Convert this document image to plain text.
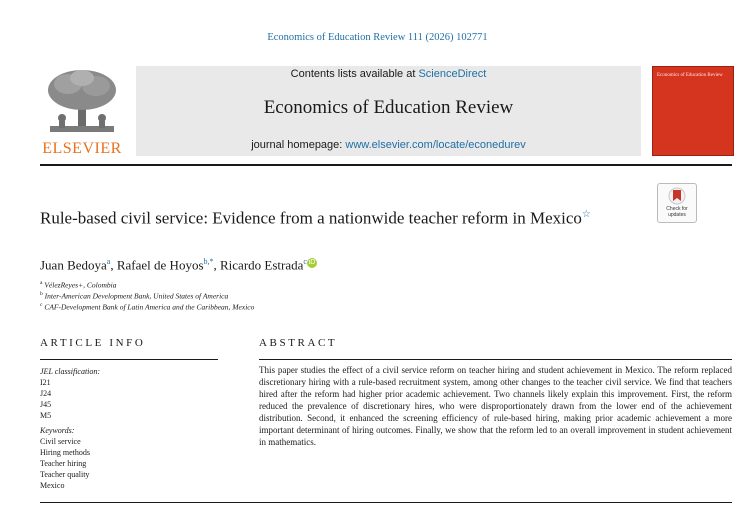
Economics of Education Review 111 (2026) 102771
ELSEVIER
Contents lists available at ScienceDirect
Economics of Education Review
journal homepage: www.elsevier.com/locate/econedurev
Economics of Education Review
Check for updates
Rule-based civil service: Evidence from a nationwide teacher reform in Mexico☆
Juan Bedoya$^a$, Rafael de Hoyos$^{b,*}$, Ricardo Estrada$^c$ iD
$^a$ VélezReyes+, Colombia
$^b$ Inter-American Development Bank, United States of America
$^c$ CAF-Development Bank of Latin America and the Caribbean, Mexico
ARTICLE INFO	ABSTRACT
JEL classification:
I21
J24
J45
M5
Keywords:
Civil service
Hiring methods
Teacher hiring
Teacher quality
Mexico
This paper studies the effect of a civil service reform on teacher hiring and student achievement in Mexico. The reform replaced discretionary hiring with a rule-based recruitment system, among other changes to the teacher civil service. We find that teachers hired after the reform had higher prior academic achievement. Two channels likely explain this improvement. First, the reform reduced the prevalence of discretionary hires, who were disproportionately drawn from the lower end of the achievement distribution. Second, it enhanced the screening efficiency of rule-based hiring, making prior academic achievement a more important determinant of hiring outcomes. Finally, we show that the reform led to an overall improvement in student achievement in mathematics.
